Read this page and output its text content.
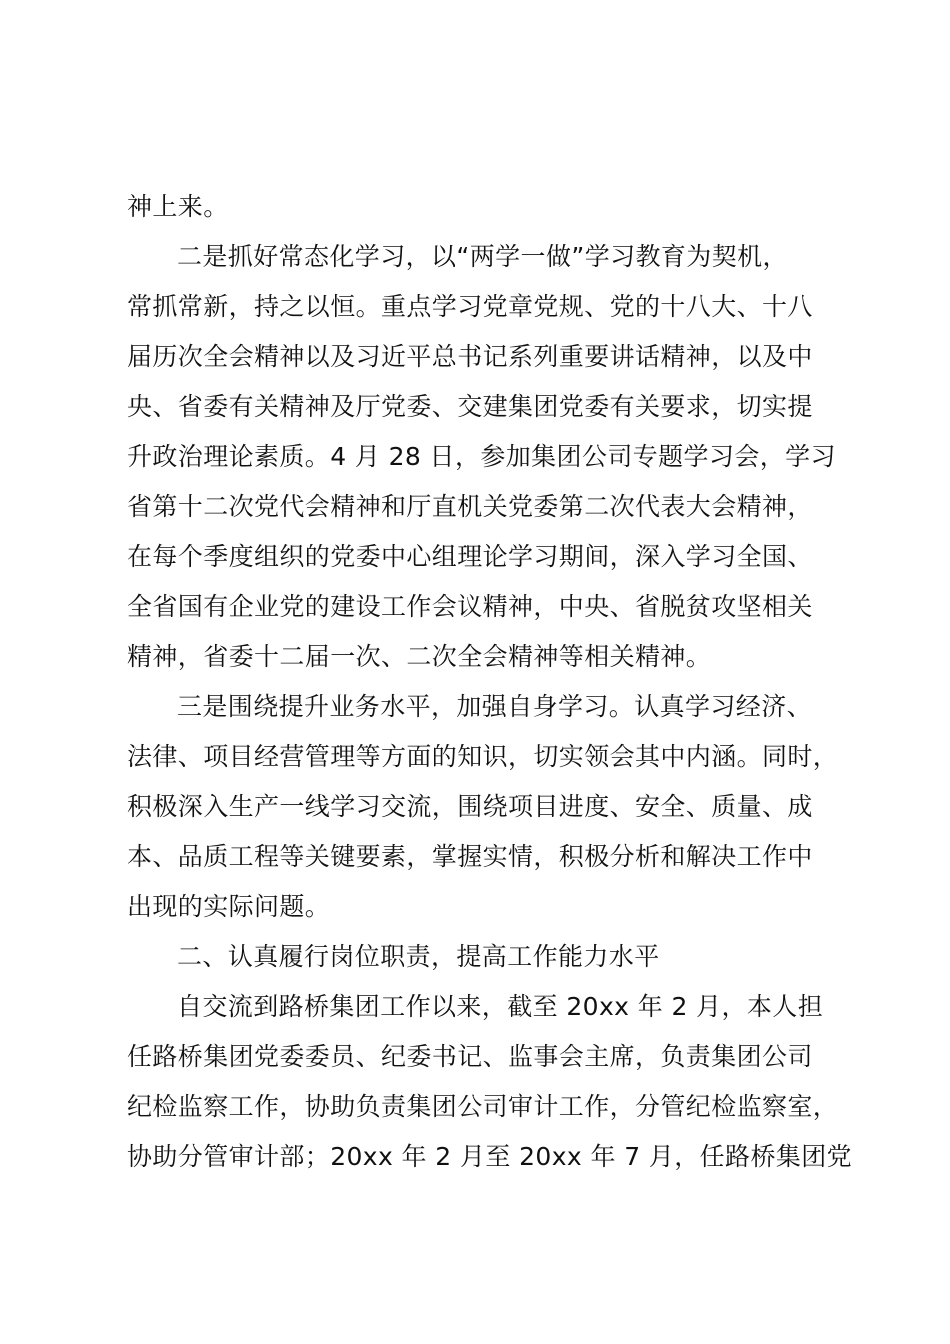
神上来。
二是抓好常态化学习，以“两学一做”学习教育为契机，
常抓常新，持之以恒。重点学习党章党规、党的十八大、十八
届历次全会精神以及习近平总书记系列重要讲话精神，以及中
央、省委有关精神及厅党委、交建集团党委有关要求，切实提
升政治理论素质。4 月 28 日，参加集团公司专题学习会，学习
省第十二次党代会精神和厅直机关党委第二次代表大会精神，
在每个季度组织的党委中心组理论学习期间，深入学习全国、
全省国有企业党的建设工作会议精神，中央、省脱贫攻坚相关
精神，省委十二届一次、二次全会精神等相关精神。
三是围绕提升业务水平，加强自身学习。认真学习经济、
法律、项目经营管理等方面的知识，切实领会其中内涵。同时，
积极深入生产一线学习交流，围绕项目进度、安全、质量、成
本、品质工程等关键要素，掌握实情，积极分析和解决工作中
出现的实际问题。
二、认真履行岗位职责，提高工作能力水平
自交流到路桥集团工作以来，截至 20xx 年 2 月，本人担
任路桥集团党委委员、纪委书记、监事会主席，负责集团公司
纪检监察工作，协助负责集团公司审计工作，分管纪检监察室，
协助分管审计部；20xx 年 2 月至 20xx 年 7 月，任路桥集团党
